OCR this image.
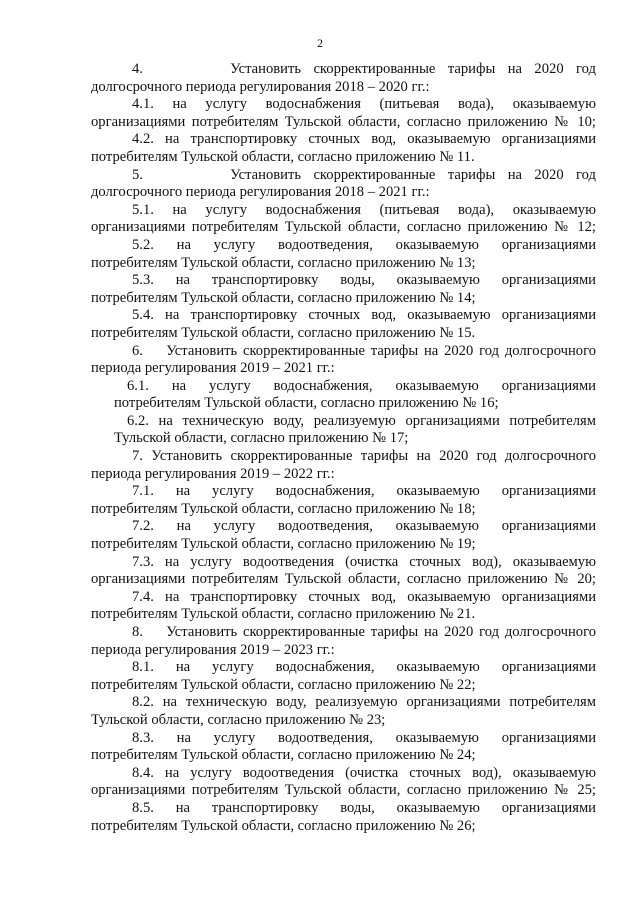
2
4.       Установить скорректированные тарифы на 2020 год
долгосрочного периода регулирования 2018 – 2020 гг.:
4.1. на услугу водоснабжения (питьевая вода), оказываемую
организациями потребителям Тульской области, согласно приложению № 10;
4.2. на транспортировку сточных вод, оказываемую организациями
потребителям Тульской области, согласно приложению № 11.
5.       Установить скорректированные тарифы на 2020 год
долгосрочного периода регулирования 2018 – 2021 гг.:
5.1. на услугу водоснабжения (питьевая вода), оказываемую
организациями потребителям Тульской области, согласно приложению № 12;
5.2. на услугу водоотведения, оказываемую организациями
потребителям Тульской области, согласно приложению № 13;
5.3. на транспортировку воды, оказываемую организациями
потребителям Тульской области, согласно приложению № 14;
5.4. на транспортировку сточных вод, оказываемую организациями
потребителям Тульской области, согласно приложению № 15.
6.    Установить скорректированные тарифы на 2020 год долгосрочного
периода регулирования 2019 – 2021 гг.:
6.1. на услугу водоснабжения, оказываемую организациями
потребителям Тульской области, согласно приложению № 16;
6.2. на техническую воду, реализуемую организациями потребителям
Тульской области, согласно приложению № 17;
7. Установить скорректированные тарифы на 2020 год долгосрочного
периода регулирования 2019 – 2022 гг.:
7.1. на услугу водоснабжения, оказываемую организациями
потребителям Тульской области, согласно приложению № 18;
7.2. на услугу водоотведения, оказываемую организациями
потребителям Тульской области, согласно приложению № 19;
7.3. на услугу водоотведения (очистка сточных вод), оказываемую
организациями потребителям Тульской области, согласно приложению № 20;
7.4. на транспортировку сточных вод, оказываемую организациями
потребителям Тульской области, согласно приложению № 21.
8.    Установить скорректированные тарифы на 2020 год долгосрочного
периода регулирования 2019 – 2023 гг.:
8.1. на услугу водоснабжения, оказываемую организациями
потребителям Тульской области, согласно приложению № 22;
8.2. на техническую воду, реализуемую организациями потребителям
Тульской области, согласно приложению № 23;
8.3. на услугу водоотведения, оказываемую организациями
потребителям Тульской области, согласно приложению № 24;
8.4. на услугу водоотведения (очистка сточных вод), оказываемую
организациями потребителям Тульской области, согласно приложению № 25;
8.5. на транспортировку воды, оказываемую организациями
потребителям Тульской области, согласно приложению № 26;
